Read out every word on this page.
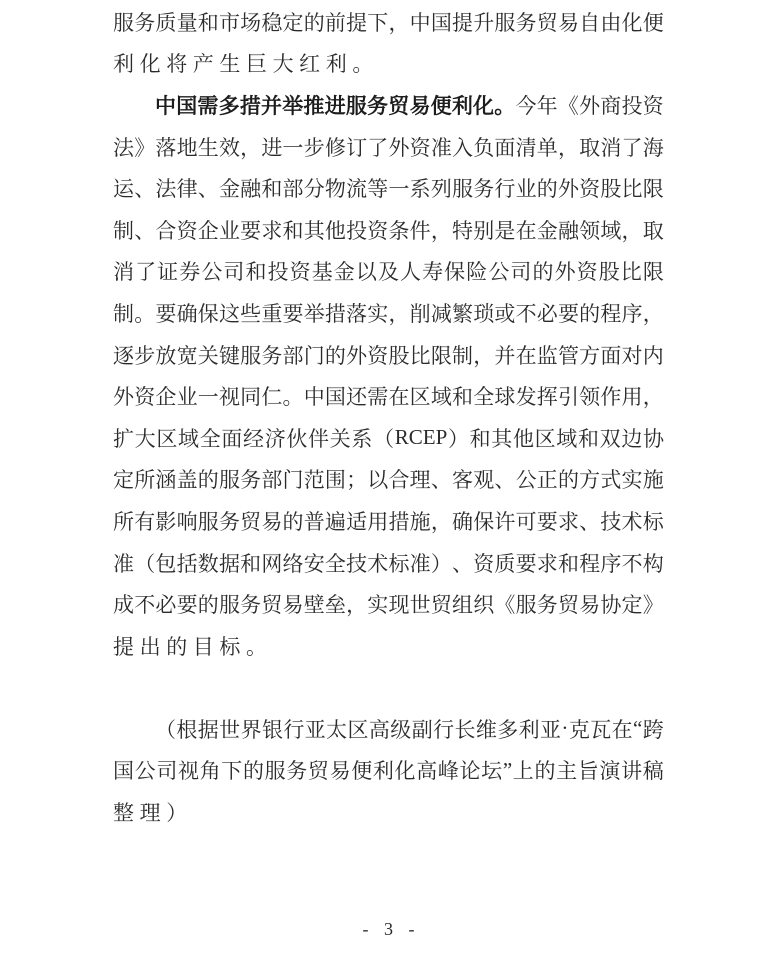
服 务 质 量 和 市 场 稳 定 的 前 提 下 ， 中 国 提 升 服 务 贸 易 自 由 化 便
利 化 将 产 生 巨 大 红 利 。
中 国 需 多 措 并 举 推 进 服 务 贸 易 便 利 化 。 今 年 《 外 商 投 资
法 》 落 地 生 效 ， 进 一 步 修 订 了 外 资 准 入 负 面 清 单 ， 取 消 了 海
运 、 法 律 、 金 融 和 部 分 物 流 等 一 系 列 服 务 行 业 的 外 资 股 比 限
制 、 合 资 企 业 要 求 和 其 他 投 资 条 件 ， 特 别 是 在 金 融 领 域 ， 取
消 了 证 券 公 司 和 投 资 基 金 以 及 人 寿 保 险 公 司 的 外 资 股 比 限
制 。 要 确 保 这 些 重 要 举 措 落 实 ， 削 减 繁 琐 或 不 必 要 的 程 序 ，
逐 步 放 宽 关 键 服 务 部 门 的 外 资 股 比 限 制 ， 并 在 监 管 方 面 对 内
外 资 企 业 一 视 同 仁 。 中 国 还 需 在 区 域 和 全 球 发 挥 引 领 作 用 ，
扩 大 区 域 全 面 经 济 伙 伴 关 系 （ RCEP ） 和 其 他 区 域 和 双 边 协
定 所 涵 盖 的 服 务 部 门 范 围 ； 以 合 理 、 客 观 、 公 正 的 方 式 实 施
所 有 影 响 服 务 贸 易 的 普 遍 适 用 措 施 ， 确 保 许 可 要 求 、 技 术 标
准 （ 包 括 数 据 和 网 络 安 全 技 术 标 准 ） 、 资 质 要 求 和 程 序 不 构
成 不 必 要 的 服 务 贸 易 壁 垒 ， 实 现 世 贸 组 织 《 服 务 贸 易 协 定 》
提 出 的 目 标 。
（ 根 据 世 界 银 行 亚 太 区 高 级 副 行 长 维 多 利 亚 · 克 瓦 在 “ 跨
国 公 司 视 角 下 的 服 务 贸 易 便 利 化 高 峰 论 坛 ” 上 的 主 旨 演 讲 稿
整 理 ）
- 3 -
